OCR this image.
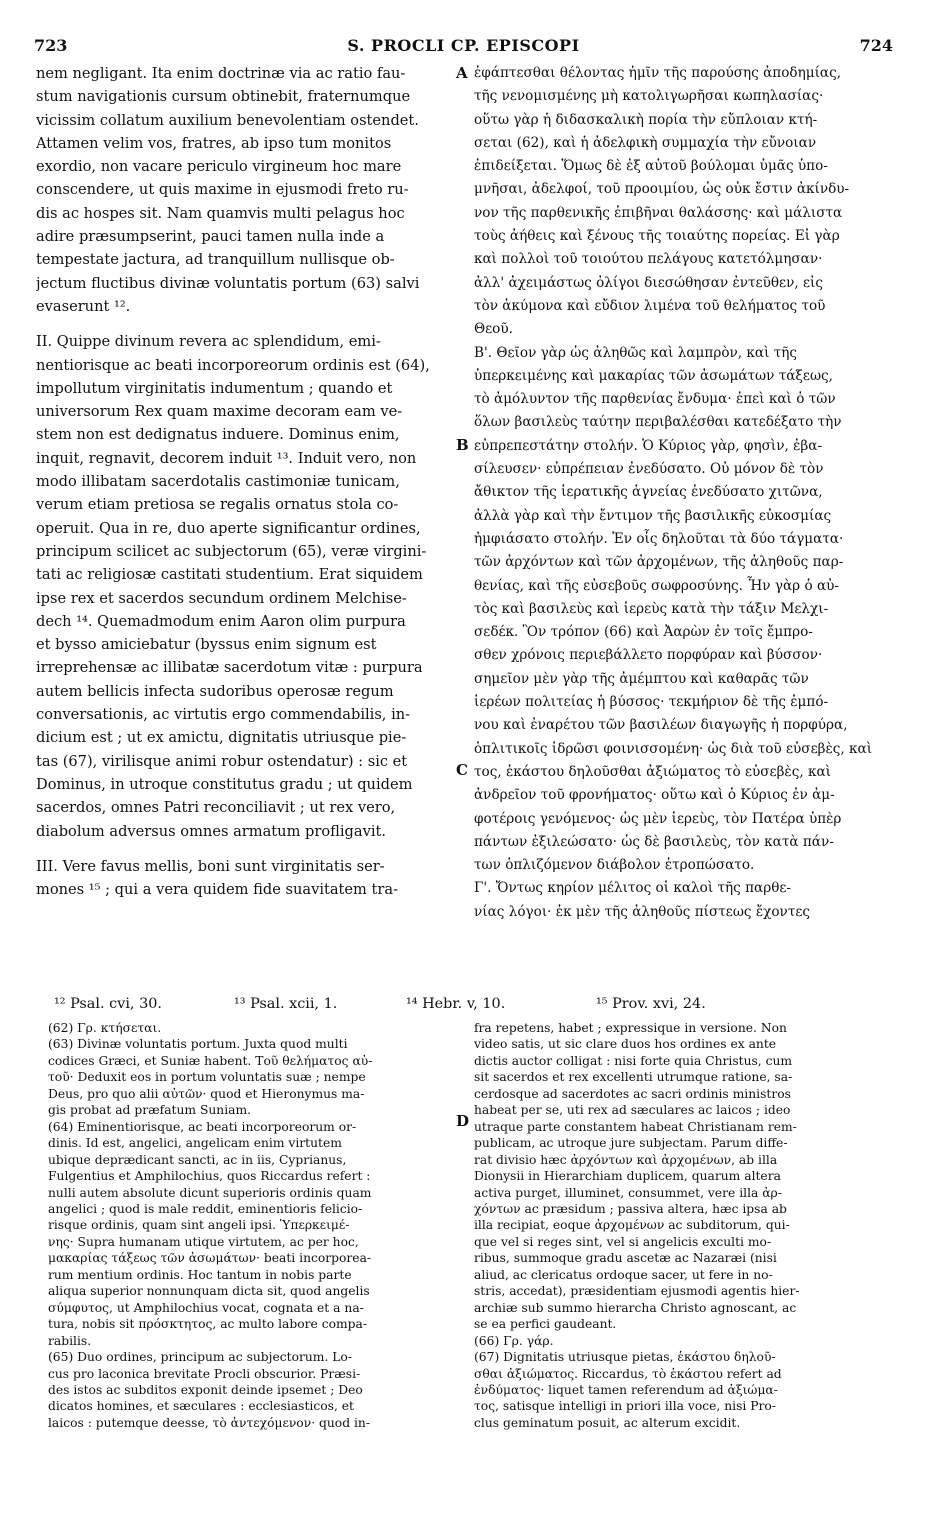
723	S. PROCLI CP. EPISCOPI	724
nem negligant. Ita enim doctrinæ via ac ratio fau-
stum navigationis cursum obtinebit, fraternumque
vicissim collatum auxilium benevolentiam ostendet.
Attamen velim vos, fratres, ab ipso tum monitos
exordio, non vacare periculo virgineum hoc mare
conscendere, ut quis maxime in ejusmodi freto ru-
dis ac hospes sit. Nam quamvis multi pelagus hoc
adire præsumpserint, pauci tamen nulla inde a
tempestate jactura, ad tranquillum nullisque ob-
jectum fluctibus divinæ voluntatis portum (63) salvi
evaserunt ¹².
II. Quippe divinum revera ac splendidum, emi-
nentiorisque ac beati incorporeorum ordinis est (64),
impollutum virginitatis indumentum ; quando et
universorum Rex quam maxime decoram eam ve-
stem non est dedignatus induere. Dominus enim,
inquit, regnavit, decorem induit ¹³. Induit vero, non
modo illibatam sacerdotalis castimoniæ tunicam,
verum etiam pretiosa se regalis ornatus stola co-
operuit. Qua in re, duo aperte significantur ordines,
principum scilicet ac subjectorum (65), veræ virgini-
tati ac religiosæ castitati studentium. Erat siquidem
ipse rex et sacerdos secundum ordinem Melchise-
dech ¹⁴. Quemadmodum enim Aaron olim purpura
et bysso amiciebatur (byssus enim signum est
irreprehensæ ac illibatæ sacerdotum vitæ : purpura
autem bellicis infecta sudoribus operosæ regum
conversationis, ac virtutis ergo commendabilis, in-
dicium est ; ut ex amictu, dignitatis utriusque pie-
tas (67), virilisque animi robur ostendatur) : sic et
Dominus, in utroque constitutus gradu ; ut quidem
sacerdos, omnes Patri reconciliavit ; ut rex vero,
diabolum adversus omnes armatum profligavit.
III. Vere favus mellis, boni sunt virginitatis ser-
mones ¹⁵ ; qui a vera quidem fide suavitatem tra-
ἐφάπτεσθαι θέλοντας ἡμῖν τῆς παρούσης ἀποδημίας,
τῆς νενομισμένης μὴ κατολιγωρῆσαι κωπηλασίας·
οὕτω γὰρ ἡ διδασκαλικὴ πορία τὴν εὔπλοιαν κτή-
σεται (62), καὶ ἡ ἀδελφικὴ συμμαχία τὴν εὔνοιαν
ἐπιδείξεται. Ὅμως δὲ ἐξ αὐτοῦ βούλομαι ὑμᾶς ὑπο-
μνῆσαι, ἀδελφοί, τοῦ προοιμίου, ὡς οὐκ ἔστιν ἀκίνδυ-
νον τῆς παρθενικῆς ἐπιβῆναι θαλάσσης· καὶ μάλιστα
τοὺς ἀήθεις καὶ ξένους τῆς τοιαύτης πορείας. Εἰ γὰρ
καὶ πολλοὶ τοῦ τοιούτου πελάγους κατετόλμησαν·
ἀλλ' ἀχειμάστως ὀλίγοι διεσώθησαν ἐντεῦθεν, εἰς
τὸν ἀκύμονα καὶ εὔδιον λιμένα τοῦ θελήματος τοῦ
Θεοῦ.
Β'. Θεῖον γὰρ ὡς ἀληθῶς καὶ λαμπρὸν, καὶ τῆς
ὑπερκειμένης καὶ μακαρίας τῶν ἀσωμάτων τάξεως,
τὸ ἀμόλυντον τῆς παρθενίας ἔνδυμα· ἐπεὶ καὶ ὁ τῶν
ὅλων βασιλεὺς ταύτην περιβαλέσθαι κατεδέξατο τὴν
εὐπρεπεστάτην στολήν. Ὁ Κύριος γὰρ, φησὶν, ἐβα-
σίλευσεν· εὐπρέπειαν ἐνεδύσατο. Οὐ μόνον δὲ τὸν
ἄθικτον τῆς ἱερατικῆς ἁγνείας ἐνεδύσατο χιτῶνα,
ἀλλὰ γὰρ καὶ τὴν ἔντιμον τῆς βασιλικῆς εὐκοσμίας
ἠμφιάσατο στολήν. Ἐν οἷς δηλοῦται τὰ δύο τάγματα·
τῶν ἀρχόντων καὶ τῶν ἀρχομένων, τῆς ἀληθοῦς παρ-
θενίας, καὶ τῆς εὐσεβοῦς σωφροσύνης. Ἦν γὰρ ὁ αὐ-
τὸς καὶ βασιλεὺς καὶ ἱερεὺς κατὰ τὴν τάξιν Μελχι-
σεδέκ. Ὃν τρόπον (66) καὶ Ἀαρὼν ἐν τοῖς ἔμπρο-
σθεν χρόνοις περιεβάλλετο πορφύραν καὶ βύσσον·
σημεῖον μὲν γὰρ τῆς ἀμέμπτου καὶ καθαρᾶς τῶν
ἱερέων πολιτείας ἡ βύσσος· τεκμήριον δὲ τῆς ἐμπό-
νου καὶ ἐναρέτου τῶν βασιλέων διαγωγῆς ἡ πορφύρα,
ὁπλιτικοῖς ἱδρῶσι φοινισσομένη· ὡς διὰ τοῦ εὐσεβὲς, καὶ
τος, ἑκάστου δηλοῦσθαι ἀξιώματος τὸ εὐσεβὲς, καὶ
ἀνδρεῖον τοῦ φρονήματος· οὕτω καὶ ὁ Κύριος ἐν ἀμ-
φοτέροις γενόμενος· ὡς μὲν ἱερεὺς, τὸν Πατέρα ὑπὲρ
πάντων ἐξιλεώσατο· ὡς δὲ βασιλεὺς, τὸν κατὰ πάν-
των ὁπλιζόμενον διάβολον ἐτροπώσατο.
Γ'. Ὄντως κηρίον μέλιτος οἱ καλοὶ τῆς παρθε-
νίας λόγοι· ἐκ μὲν τῆς ἀληθοῦς πίστεως ἔχοντες
A
B
C
D
¹² Psal. cvi, 30.	¹³ Psal. xcii, 1.	¹⁴ Hebr. v, 10.	¹⁵ Prov. xvi, 24.
(62) Γρ. κτήσεται.
(63) Divinæ voluntatis portum. Juxta quod multi
codices Græci, et Suniæ habent. Τοῦ θελήματος αὐ-
τοῦ· Deduxit eos in portum voluntatis suæ ; nempe
Deus, pro quo alii αὐτῶν· quod et Hieronymus ma-
gis probat ad præfatum Suniam.
(64) Eminentiorisque, ac beati incorporeorum or-
dinis. Id est, angelici, angelicam enim virtutem
ubique deprædicant sancti, ac in iis, Cyprianus,
Fulgentius et Amphilochius, quos Riccardus refert :
nulli autem absolute dicunt superioris ordinis quam
angelici ; quod is male reddit, eminentioris felicio-
risque ordinis, quam sint angeli ipsi. Ὑπερκειμέ-
νης· Supra humanam utique virtutem, ac per hoc,
μακαρίας τάξεως τῶν ἀσωμάτων· beati incorporea-
rum mentium ordinis. Hoc tantum in nobis parte
aliqua superior nonnunquam dicta sit, quod angelis
σύμφυτος, ut Amphilochius vocat, cognata et a na-
tura, nobis sit πρόσκτητος, ac multo labore compa-
rabilis.
(65) Duo ordines, principum ac subjectorum. Lo-
cus pro laconica brevitate Procli obscurior. Præsi-
des istos ac subditos exponit deinde ipsemet ; Deo
dicatos homines, et sæculares : ecclesiasticos, et
laicos : putemque deesse, τὸ ἀντεχόμενον· quod in-
fra repetens, habet ; expressique in versione. Non
video satis, ut sic clare duos hos ordines ex ante
dictis auctor colligat : nisi forte quia Christus, cum
sit sacerdos et rex excellenti utrumque ratione, sa-
cerdosque ad sacerdotes ac sacri ordinis ministros
habeat per se, uti rex ad sæculares ac laicos ; ideo
utraque parte constantem habeat Christianam rem-
publicam, ac utroque jure subjectam. Parum diffe-
rat divisio hæc ἀρχόντων καὶ ἀρχομένων, ab illa
Dionysii in Hierarchiam duplicem, quarum altera
activa purget, illuminet, consummet, vere illa ἀρ-
χόντων ac præsidum ; passiva altera, hæc ipsa ab
illa recipiat, eoque ἀρχομένων ac subditorum, qui-
que vel si reges sint, vel si angelicis exculti mo-
ribus, summoque gradu ascetæ ac Nazaræi (nisi
aliud, ac clericatus ordoque sacer, ut fere in no-
stris, accedat), præsidentiam ejusmodi agentis hier-
archiæ sub summo hierarcha Christo agnoscant, ac
se ea perfici gaudeant.
(66) Γρ. γάρ.
(67) Dignitatis utriusque pietas, ἑκάστου δηλοῦ-
σθαι ἀξιώματος. Riccardus, τὸ ἑκάστου refert ad
ἐνδύματος· liquet tamen referendum ad ἀξιώμα-
τος, satisque intelligi in priori illa voce, nisi Pro-
clus geminatum posuit, ac alterum excidit.
